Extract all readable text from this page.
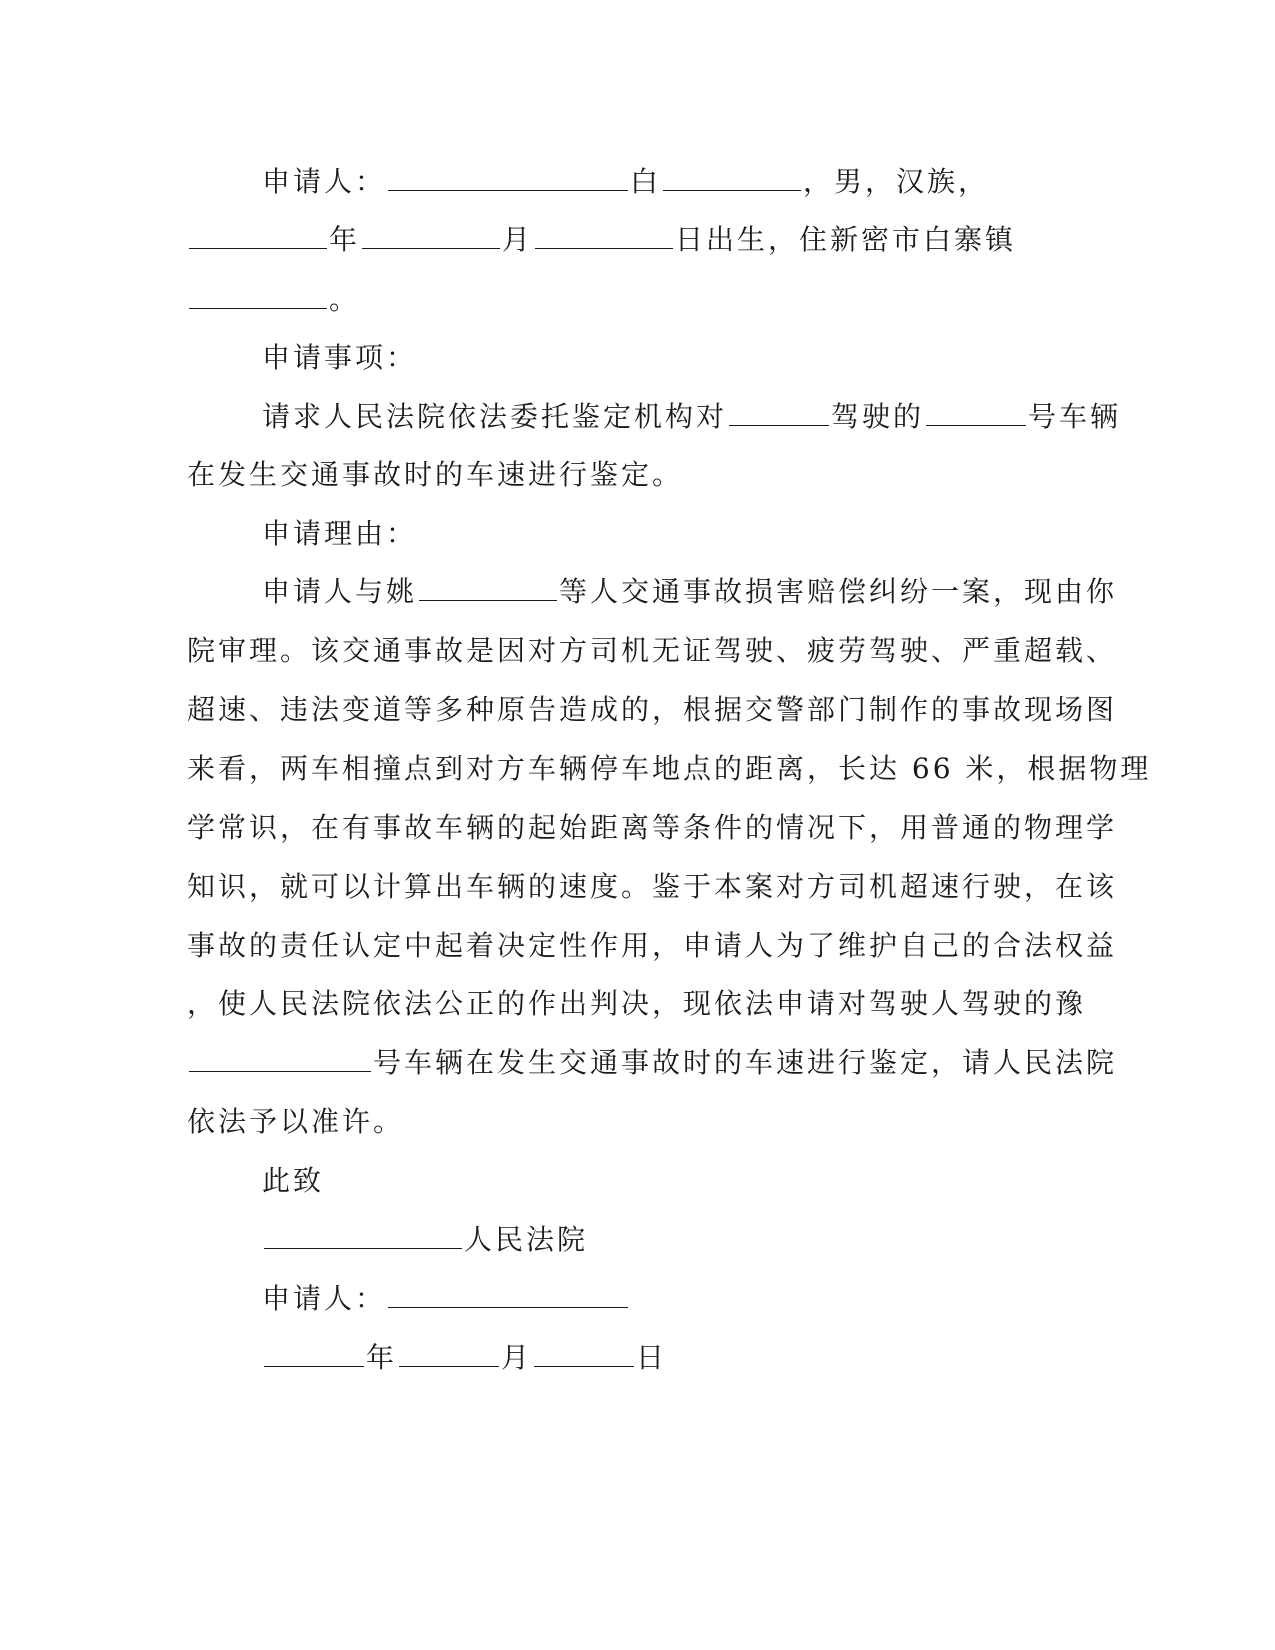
申请人：	白	，男，汉族，
年	月	日出生，住新密市白寨镇
。
申请事项：
请求人民法院依法委托鉴定机构对	驾驶的	号车辆
在发生交通事故时的车速进行鉴定。
申请理由：
申请人与姚	等人交通事故损害赔偿纠纷一案，现由你
院审理。该交通事故是因对方司机无证驾驶、疲劳驾驶、严重超载、
超速、违法变道等多种原告造成的，根据交警部门制作的事故现场图
来看，两车相撞点到对方车辆停车地点的距离，长达 66 米，根据物理
学常识，在有事故车辆的起始距离等条件的情况下，用普通的物理学
知识，就可以计算出车辆的速度。鉴于本案对方司机超速行驶，在该
事故的责任认定中起着决定性作用，申请人为了维护自己的合法权益
，使人民法院依法公正的作出判决，现依法申请对驾驶人驾驶的豫
号车辆在发生交通事故时的车速进行鉴定，请人民法院
依法予以准许。
此致
人民法院
申请人：
年	月	日
